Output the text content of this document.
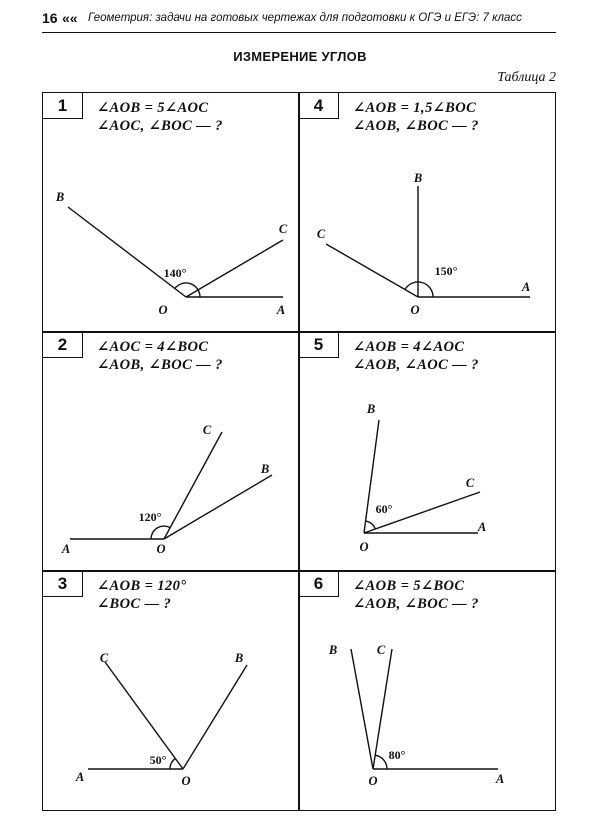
16 «« Геометрия: задачи на готовых чертежах для подготовки к ОГЭ и ЕГЭ: 7 класс
ИЗМЕРЕНИЕ УГЛОВ
Таблица 2
1	∠AOB = 5∠AOC
∠AOC, ∠BOC — ?
2	∠AOC = 4∠BOC
∠AOB, ∠BOC — ?
3	∠AOB = 120°
∠BOC — ?
4	∠AOB = 1,5∠BOC
∠AOB, ∠BOC — ?
5	∠AOB = 4∠AOC
∠AOB, ∠AOC — ?
6	∠AOB = 5∠BOC
∠AOB, ∠BOC — ?
140°
B
C
O	A
150°
B
C
O
A
120°
C
B
A	O
60°
B
C
A
O
50°
C	B
A	O
80°
B	C
O	A
